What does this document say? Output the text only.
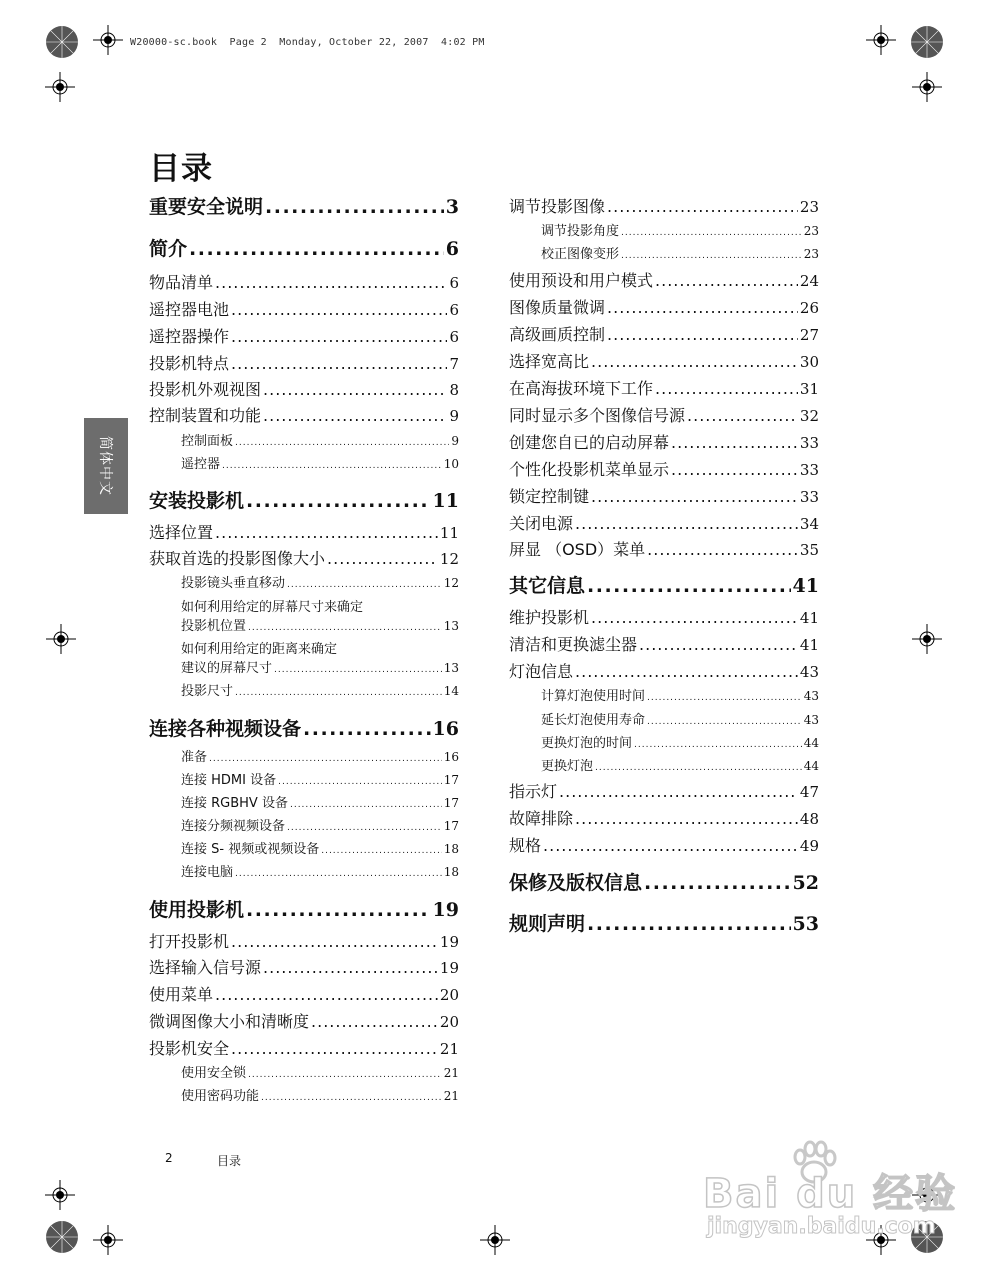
W20000-sc.book  Page 2  Monday, October 22, 2007  4:02 PM
目录
简体中文
重要安全说明 .....	3
简介 .....	6
物品清单 .....	6
遥控器电池 .....	6
遥控器操作 .....	6
投影机特点 .....	7
投影机外观视图 .....	8
控制装置和功能 .....	9
控制面板 .....	9
遥控器 .....	10
安装投影机 .....	11
选择位置 .....	11
获取首选的投影图像大小 .....	12
投影镜头垂直移动 .....	12
如何利用给定的屏幕尺寸来确定
投影机位置 .....	13
如何利用给定的距离来确定
建议的屏幕尺寸 .....	13
投影尺寸 .....	14
连接各种视频设备 .....	16
准备 .....	16
连接 HDMI 设备 .....	17
连接 RGBHV 设备 .....	17
连接分频视频设备 .....	17
连接 S- 视频或视频设备 .....	18
连接电脑 .....	18
使用投影机 .....	19
打开投影机 .....	19
选择输入信号源 .....	19
使用菜单 .....	20
微调图像大小和清晰度 .....	20
投影机安全 .....	21
使用安全锁 .....	21
使用密码功能 .....	21
调节投影图像 .....	23
调节投影角度 .....	23
校正图像变形 .....	23
使用预设和用户模式 .....	24
图像质量微调 .....	26
高级画质控制 .....	27
选择宽高比 .....	30
在高海拔环境下工作 .....	31
同时显示多个图像信号源 .....	32
创建您自已的启动屏幕 .....	33
个性化投影机菜单显示 .....	33
锁定控制键 .....	33
关闭电源 .....	34
屏显 （OSD）菜单 .....	35
其它信息 .....	41
维护投影机 .....	41
清洁和更换滤尘器 .....	41
灯泡信息 .....	43
计算灯泡使用时间 .....	43
延长灯泡使用寿命 .....	43
更换灯泡的时间 .....	44
更换灯泡 .....	44
指示灯 .....	47
故障排除 .....	48
规格 .....	49
保修及版权信息 .....	52
规则声明 .....	53
2	目录
Bai du 经验
jingyan.baidu.com
